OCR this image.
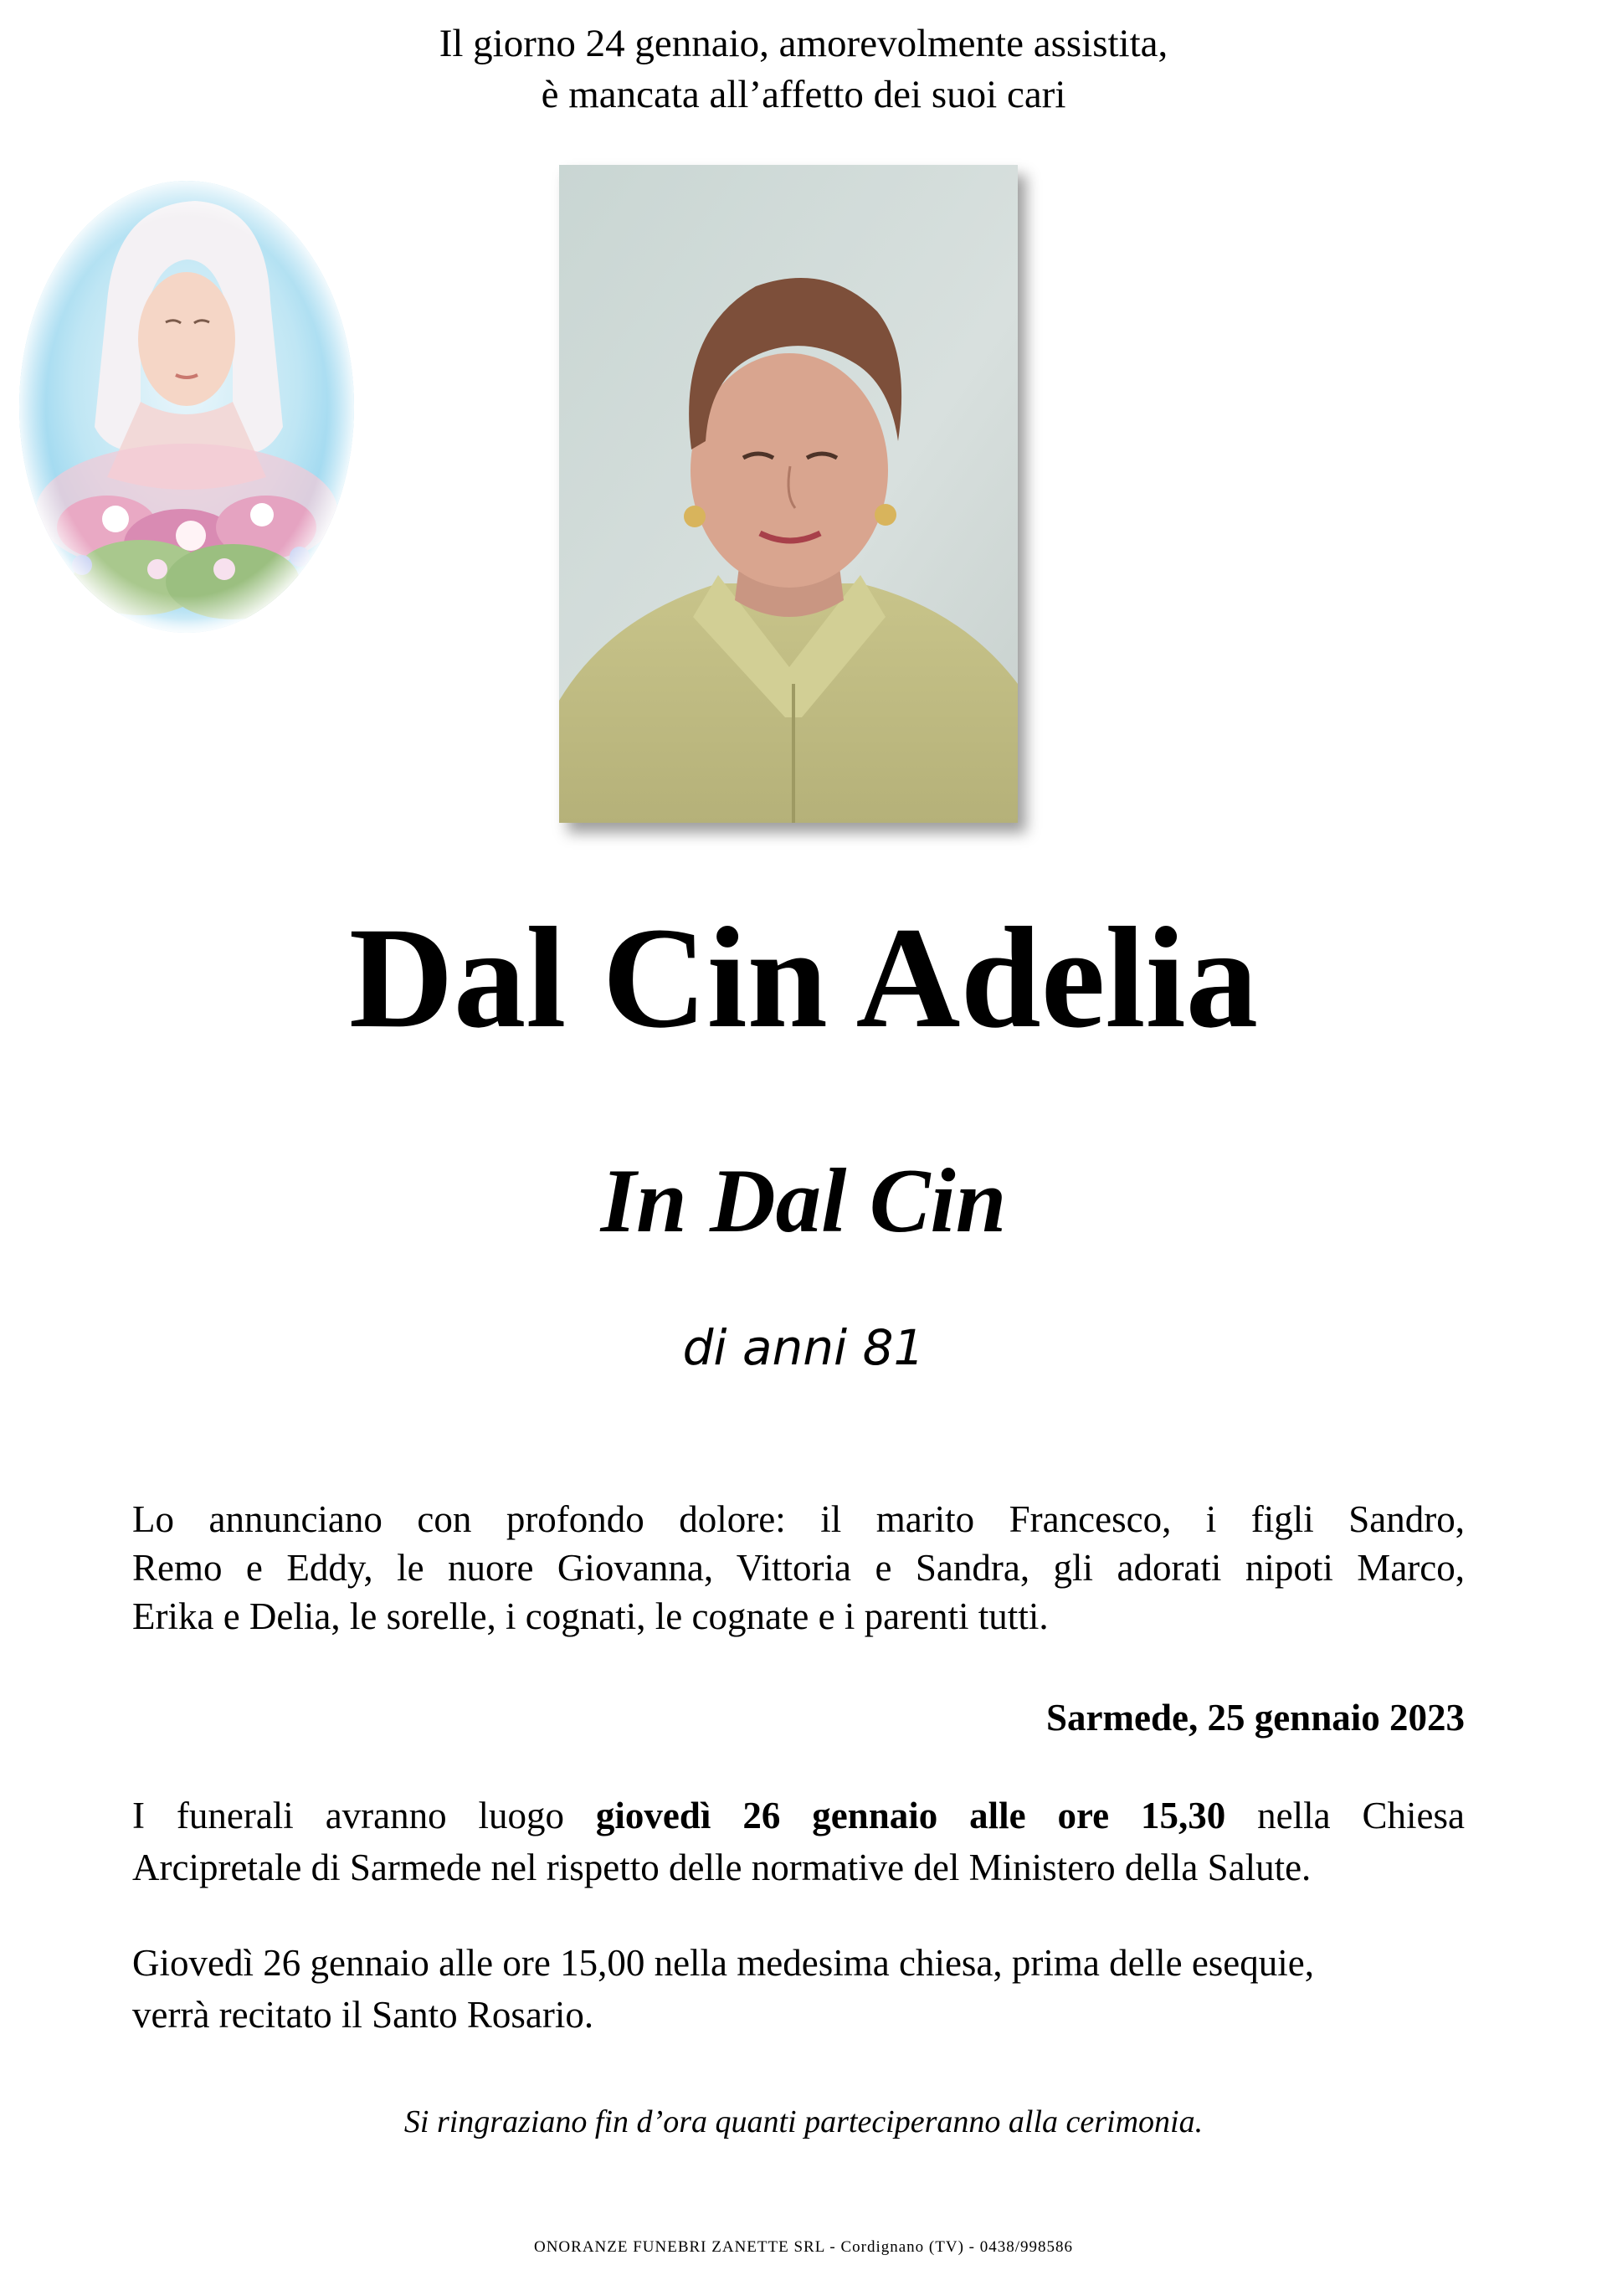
Il giorno 24 gennaio, amorevolmente assistita,
è mancata all’affetto dei suoi cari
Dal Cin Adelia
In Dal Cin
di anni 81
Lo annunciano con profondo dolore: il marito Francesco, i figli Sandro,
Remo e Eddy, le nuore Giovanna, Vittoria e Sandra, gli adorati nipoti Marco,
Erika e Delia, le sorelle, i cognati, le cognate e i parenti tutti.
Sarmede, 25 gennaio 2023
I funerali avranno luogo giovedì 26 gennaio alle ore 15,30 nella Chiesa
Arcipretale di Sarmede nel rispetto delle normative del Ministero della Salute.
Giovedì 26 gennaio alle ore 15,00 nella medesima chiesa, prima delle esequie,
verrà recitato il Santo Rosario.
Si ringraziano fin d’ora quanti parteciperanno alla cerimonia.
ONORANZE FUNEBRI ZANETTE SRL - Cordignano (TV) - 0438/998586
